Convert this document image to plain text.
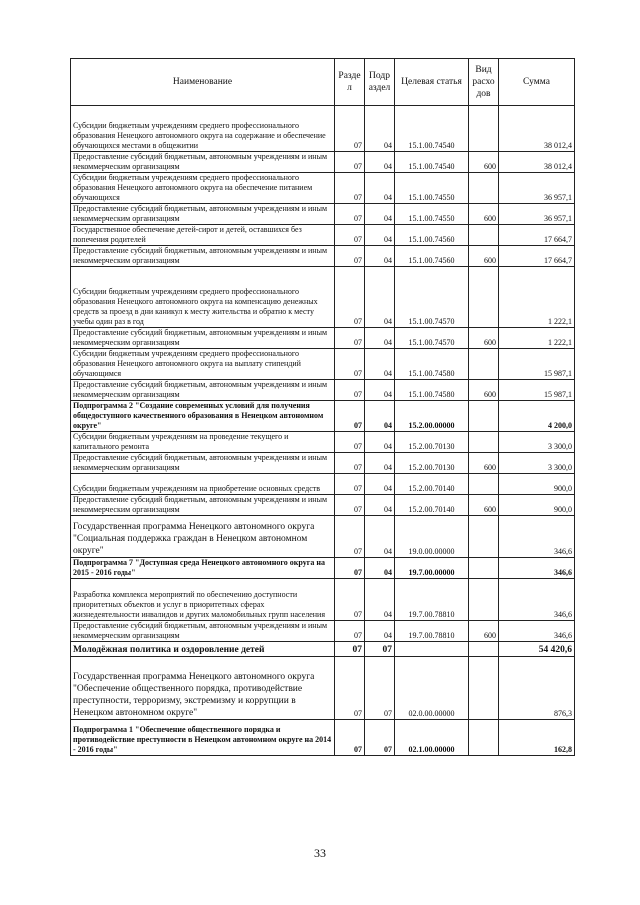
Наименование	Разде л	Подр аздел	Целевая статья	Вид расхо дов	Сумма
Субсидии бюджетным учреждениям среднего профессионального образования Ненецкого автономного округа на содержание и обеспечение обучающихся местами в общежитии	07	04	15.1.00.74540		38 012,4
Предоставление субсидий бюджетным, автономным учреждениям и иным некоммерческим организациям	07	04	15.1.00.74540	600	38 012,4
Субсидии бюджетным учреждениям среднего профессионального образования Ненецкого автономного округа на обеспечение питанием обучающихся	07	04	15.1.00.74550		36 957,1
Предоставление субсидий бюджетным, автономным учреждениям и иным некоммерческим организациям	07	04	15.1.00.74550	600	36 957,1
Государственное обеспечение детей-сирот и детей, оставшихся без попечения родителей	07	04	15.1.00.74560		17 664,7
Предоставление субсидий бюджетным, автономным учреждениям и иным некоммерческим организациям	07	04	15.1.00.74560	600	17 664,7
Субсидии бюджетным учреждениям среднего профессионального образования Ненецкого автономного округа на компенсацию денежных средств за проезд в дни каникул к месту жительства и обратно к месту учебы один раз в год	07	04	15.1.00.74570		1 222,1
Предоставление субсидий бюджетным, автономным учреждениям и иным некоммерческим организациям	07	04	15.1.00.74570	600	1 222,1
Субсидии бюджетным учреждениям среднего профессионального образования Ненецкого автономного округа на выплату стипендий обучающимся	07	04	15.1.00.74580		15 987,1
Предоставление субсидий бюджетным, автономным учреждениям и иным некоммерческим организациям	07	04	15.1.00.74580	600	15 987,1
Подпрограмма 2 "Создание современных условий для получения общедоступного качественного образования в Ненецком автономном округе"	07	04	15.2.00.00000		4 200,0
Субсидии бюджетным учреждениям на проведение текущего и капитального ремонта	07	04	15.2.00.70130		3 300,0
Предоставление субсидий бюджетным, автономным учреждениям и иным некоммерческим организациям	07	04	15.2.00.70130	600	3 300,0
Субсидии бюджетным учреждениям на приобретение основных средств	07	04	15.2.00.70140		900,0
Предоставление субсидий бюджетным, автономным учреждениям и иным некоммерческим организациям	07	04	15.2.00.70140	600	900,0
Государственная программа Ненецкого автономного округа "Социальная поддержка граждан в Ненецком автономном округе"	07	04	19.0.00.00000		346,6
Подпрограмма 7 "Доступная среда Ненецкого автономного округа на 2015 - 2016 годы"	07	04	19.7.00.00000		346,6
Разработка комплекса мероприятий по обеспечению доступности приоритетных объектов и услуг в приоритетных сферах жизнедеятельности инвалидов и других маломобильных групп населения	07	04	19.7.00.78810		346,6
Предоставление субсидий бюджетным, автономным учреждениям и иным некоммерческим организациям	07	04	19.7.00.78810	600	346,6
Молодёжная политика и оздоровление детей	07	07			54 420,6
Государственная программа Ненецкого автономного округа "Обеспечение общественного порядка, противодействие преступности, терроризму, экстремизму и коррупции в Ненецком автономном округе"	07	07	02.0.00.00000		876,3
Подпрограмма 1 "Обеспечение общественного порядка и противодействие преступности в Ненецком автономном округе на 2014 - 2016 годы"	07	07	02.1.00.00000		162,8
33
